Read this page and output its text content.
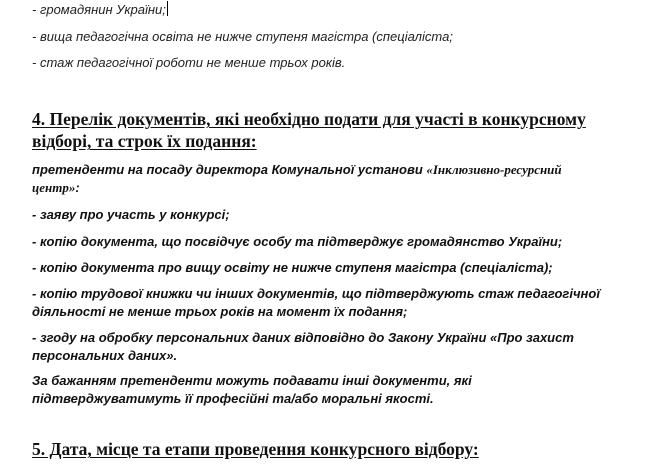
- громадянин України;
- вища педагогічна освіта не нижче ступеня магістра (спеціаліста;
- стаж педагогічної роботи не менше трьох років.
4. Перелік документів, які необхідно подати для участі в конкурсному
відборі, та строк їх подання:
претенденти на посаду директора Комунальної установи «Інклюзивно-ресурсний
центр»:
- заяву про участь у конкурсі;
- копію документа, що посвідчує особу та підтверджує громадянство України;
- копію документа про вищу освіту не нижче ступеня магістра (спеціаліста);
- копію трудової книжки чи інших документів, що підтверджують стаж педагогічної
діяльності не менше трьох років на момент їх подання;
- згоду на обробку персональних даних відповідно до Закону України «Про захист
персональних даних».
За бажанням претенденти можуть подавати інші документи, які
підтверджуватимуть її професійні та/або моральні якості.
5. Дата, місце та етапи проведення конкурсного відбору:
